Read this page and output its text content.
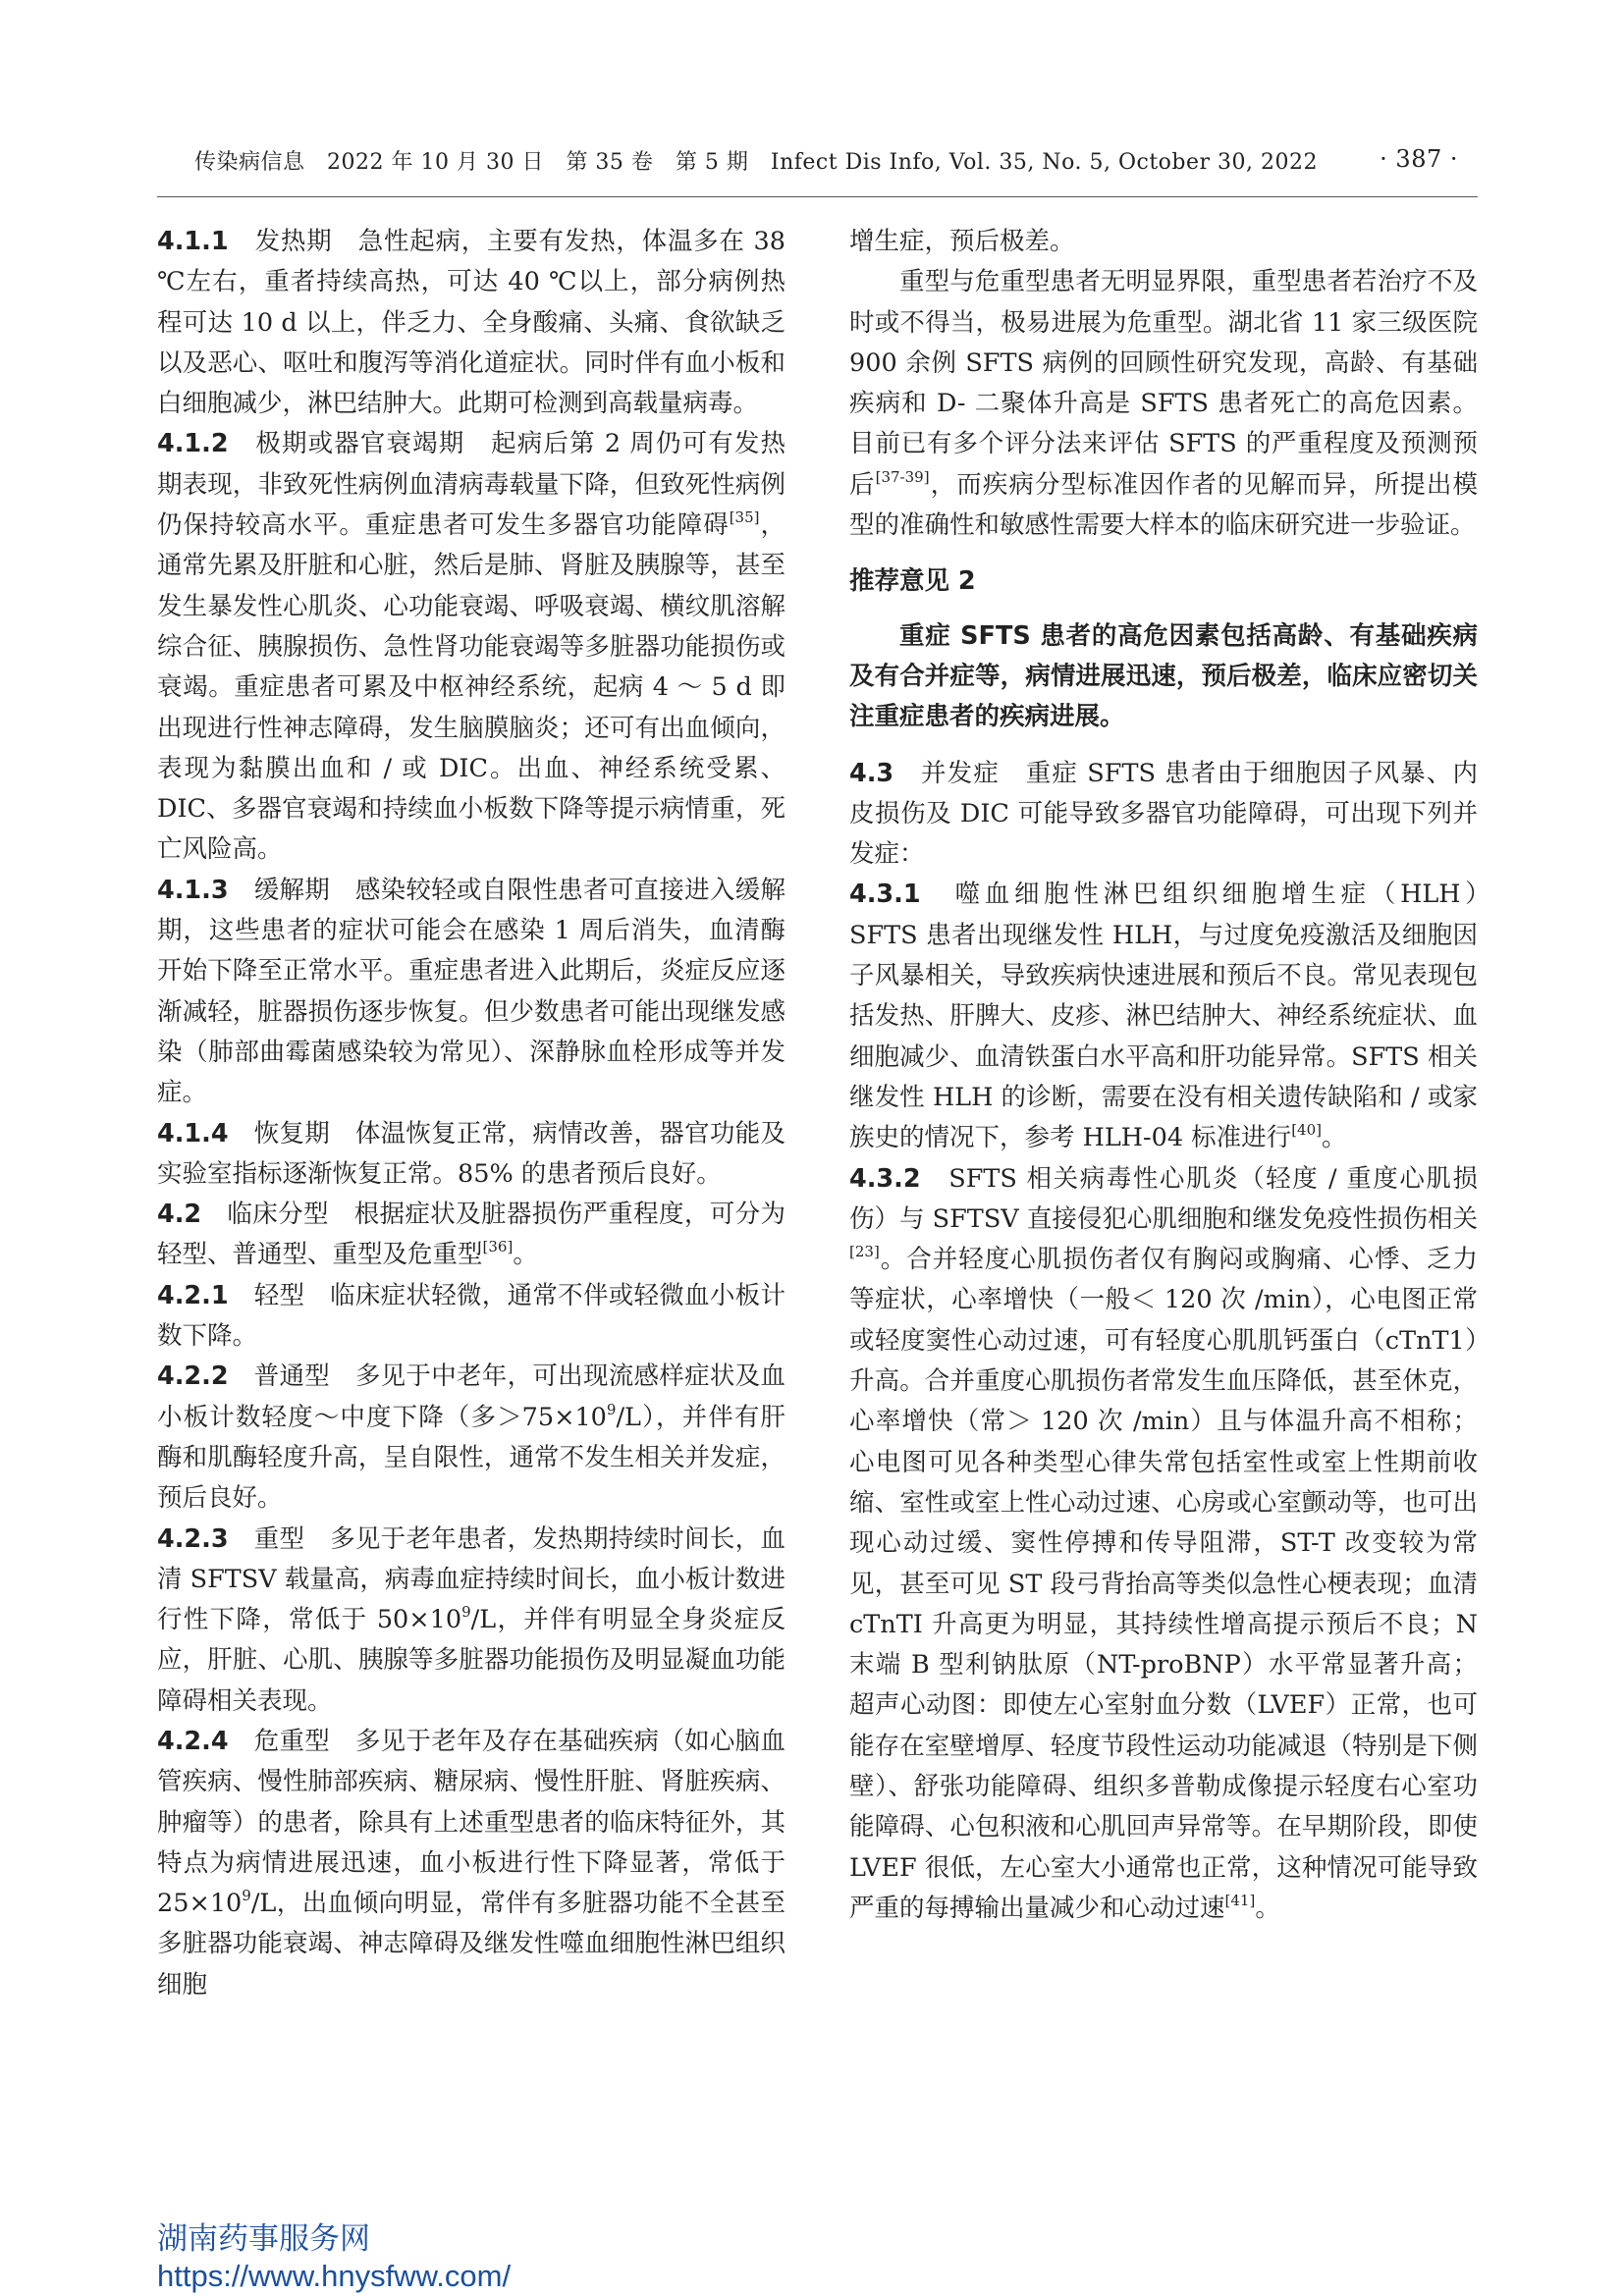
传染病信息　2022 年 10 月 30 日　第 35 卷　第 5 期　Infect Dis Info, Vol. 35, No. 5, October 30, 2022	· 387 ·

4.1.1　 发热期　 急性起病，主要有发热，体温多在 38 ℃左右，重者持续高热，可达 40 ℃以上，部分病例热程可达 10 d 以上，伴乏力、全身酸痛、头痛、食欲缺乏以及恶心、呕吐和腹泻等消化道症状。同时伴有血小板和白细胞减少，淋巴结肿大。此期可检测到高载量病毒。

4.1.2　 极期或器官衰竭期　 起病后第 2 周仍可有发热期表现，非致死性病例血清病毒载量下降，但致死性病例仍保持较高水平。重症患者可发生多器官功能障碍[35]，通常先累及肝脏和心脏，然后是肺、肾脏及胰腺等，甚至发生暴发性心肌炎、心功能衰竭、呼吸衰竭、横纹肌溶解综合征、胰腺损伤、急性肾功能衰竭等多脏器功能损伤或衰竭。重症患者可累及中枢神经系统，起病 4 ～ 5 d 即出现进行性神志障碍，发生脑膜脑炎；还可有出血倾向，表现为黏膜出血和 / 或 DIC。出血、神经系统受累、DIC、多器官衰竭和持续血小板数下降等提示病情重，死亡风险高。

4.1.3　 缓解期　 感染较轻或自限性患者可直接进入缓解期，这些患者的症状可能会在感染 1 周后消失，血清酶开始下降至正常水平。重症患者进入此期后，炎症反应逐渐减轻，脏器损伤逐步恢复。但少数患者可能出现继发感染（肺部曲霉菌感染较为常见）、深静脉血栓形成等并发症。

4.1.4　 恢复期　 体温恢复正常，病情改善，器官功能及实验室指标逐渐恢复正常。85% 的患者预后良好。

4.2　 临床分型　 根据症状及脏器损伤严重程度，可分为轻型、普通型、重型及危重型[36]。

4.2.1　 轻型　 临床症状轻微，通常不伴或轻微血小板计数下降。

4.2.2　 普通型　 多见于中老年，可出现流感样症状及血小板计数轻度～中度下降（多$>75\times 10^9/L$），并伴有肝酶和肌酶轻度升高，呈自限性，通常不发生相关并发症，预后良好。

4.2.3　 重型　 多见于老年患者，发热期持续时间长，血清 SFTSV 载量高，病毒血症持续时间长，血小板计数进行性下降，常低于 $50\times 10^9/L$，并伴有明显全身炎症反应，肝脏、心肌、胰腺等多脏器功能损伤及明显凝血功能障碍相关表现。

4.2.4　 危重型　 多见于老年及存在基础疾病（如心脑血管疾病、慢性肺部疾病、糖尿病、慢性肝脏、肾脏疾病、肿瘤等）的患者，除具有上述重型患者的临床特征外，其特点为病情进展迅速，血小板进行性下降显著，常低于 $25\times 10^9/L$，出血倾向明显，常伴有多脏器功能不全甚至多脏器功能衰竭、神志障碍及继发性噬血细胞性淋巴组织细胞

增生症，预后极差。

重型与危重型患者无明显界限，重型患者若治疗不及时或不得当，极易进展为危重型。湖北省 11 家三级医院 900 余例 SFTS 病例的回顾性研究发现，高龄、有基础疾病和 D- 二聚体升高是 SFTS 患者死亡的高危因素。目前已有多个评分法来评估 SFTS 的严重程度及预测预后[37-39]，而疾病分型标准因作者的见解而异，所提出模型的准确性和敏感性需要大样本的临床研究进一步验证。

推荐意见 2

重症 SFTS 患者的高危因素包括高龄、有基础疾病及有合并症等，病情进展迅速，预后极差，临床应密切关注重症患者的疾病进展。

4.3　 并发症　 重症 SFTS 患者由于细胞因子风暴、内皮损伤及 DIC 可能导致多器官功能障碍，可出现下列并发症：

4.3.1　 噬血细胞性淋巴组织细胞增生症（HLH）　SFTS 患者出现继发性 HLH，与过度免疫激活及细胞因子风暴相关，导致疾病快速进展和预后不良。常见表现包括发热、肝脾大、皮疹、淋巴结肿大、神经系统症状、血细胞减少、血清铁蛋白水平高和肝功能异常。SFTS 相关继发性 HLH 的诊断，需要在没有相关遗传缺陷和 / 或家族史的情况下，参考 HLH-04 标准进行[40]。

4.3.2　 SFTS 相关病毒性心肌炎（轻度 / 重度心肌损伤）与 SFTSV 直接侵犯心肌细胞和继发免疫性损伤相关[23]。合并轻度心肌损伤者仅有胸闷或胸痛、心悸、乏力等症状，心率增快（一般＜ 120 次 /min），心电图正常或轻度窦性心动过速，可有轻度心肌肌钙蛋白（cTnT1）升高。合并重度心肌损伤者常发生血压降低，甚至休克，心率增快（常＞ 120 次 /min）且与体温升高不相称；心电图可见各种类型心律失常包括室性或室上性期前收缩、室性或室上性心动过速、心房或心室颤动等，也可出现心动过缓、窦性停搏和传导阻滞，ST-T 改变较为常见，甚至可见 ST 段弓背抬高等类似急性心梗表现；血清 cTnTI 升高更为明显，其持续性增高提示预后不良；N 末端 B 型利钠肽原（NT-proBNP）水平常显著升高；超声心动图：即使左心室射血分数（LVEF）正常，也可能存在室壁增厚、轻度节段性运动功能减退（特别是下侧壁）、舒张功能障碍、组织多普勒成像提示轻度右心室功能障碍、心包积液和心肌回声异常等。在早期阶段，即使 LVEF 很低，左心室大小通常也正常，这种情况可能导致严重的每搏输出量减少和心动过速[41]。

湖南药事服务网
https://www.hnysfww.com/
